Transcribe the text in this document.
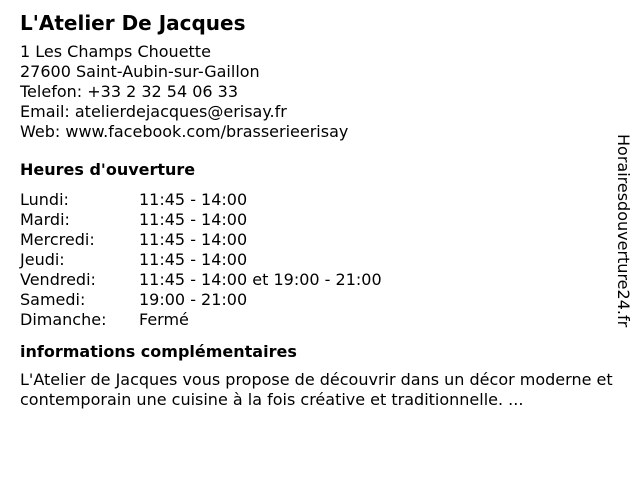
L'Atelier De Jacques
1 Les Champs Chouette
27600 Saint-Aubin-sur-Gaillon
Telefon: +33 2 32 54 06 33
Email: atelierdejacques@erisay.fr
Web: www.facebook.com/brasserieerisay
Heures d'ouverture
Lundi:	11:45 - 14:00
Mardi:	11:45 - 14:00
Mercredi:	11:45 - 14:00
Jeudi:	11:45 - 14:00
Vendredi:	11:45 - 14:00 et 19:00 - 21:00
Samedi:	19:00 - 21:00
Dimanche:	Fermé
informations complémentaires
L'Atelier de Jacques vous propose de découvrir dans un décor moderne et contemporain une cuisine à la fois créative et traditionnelle. ...
Horairesdouverture24.fr
